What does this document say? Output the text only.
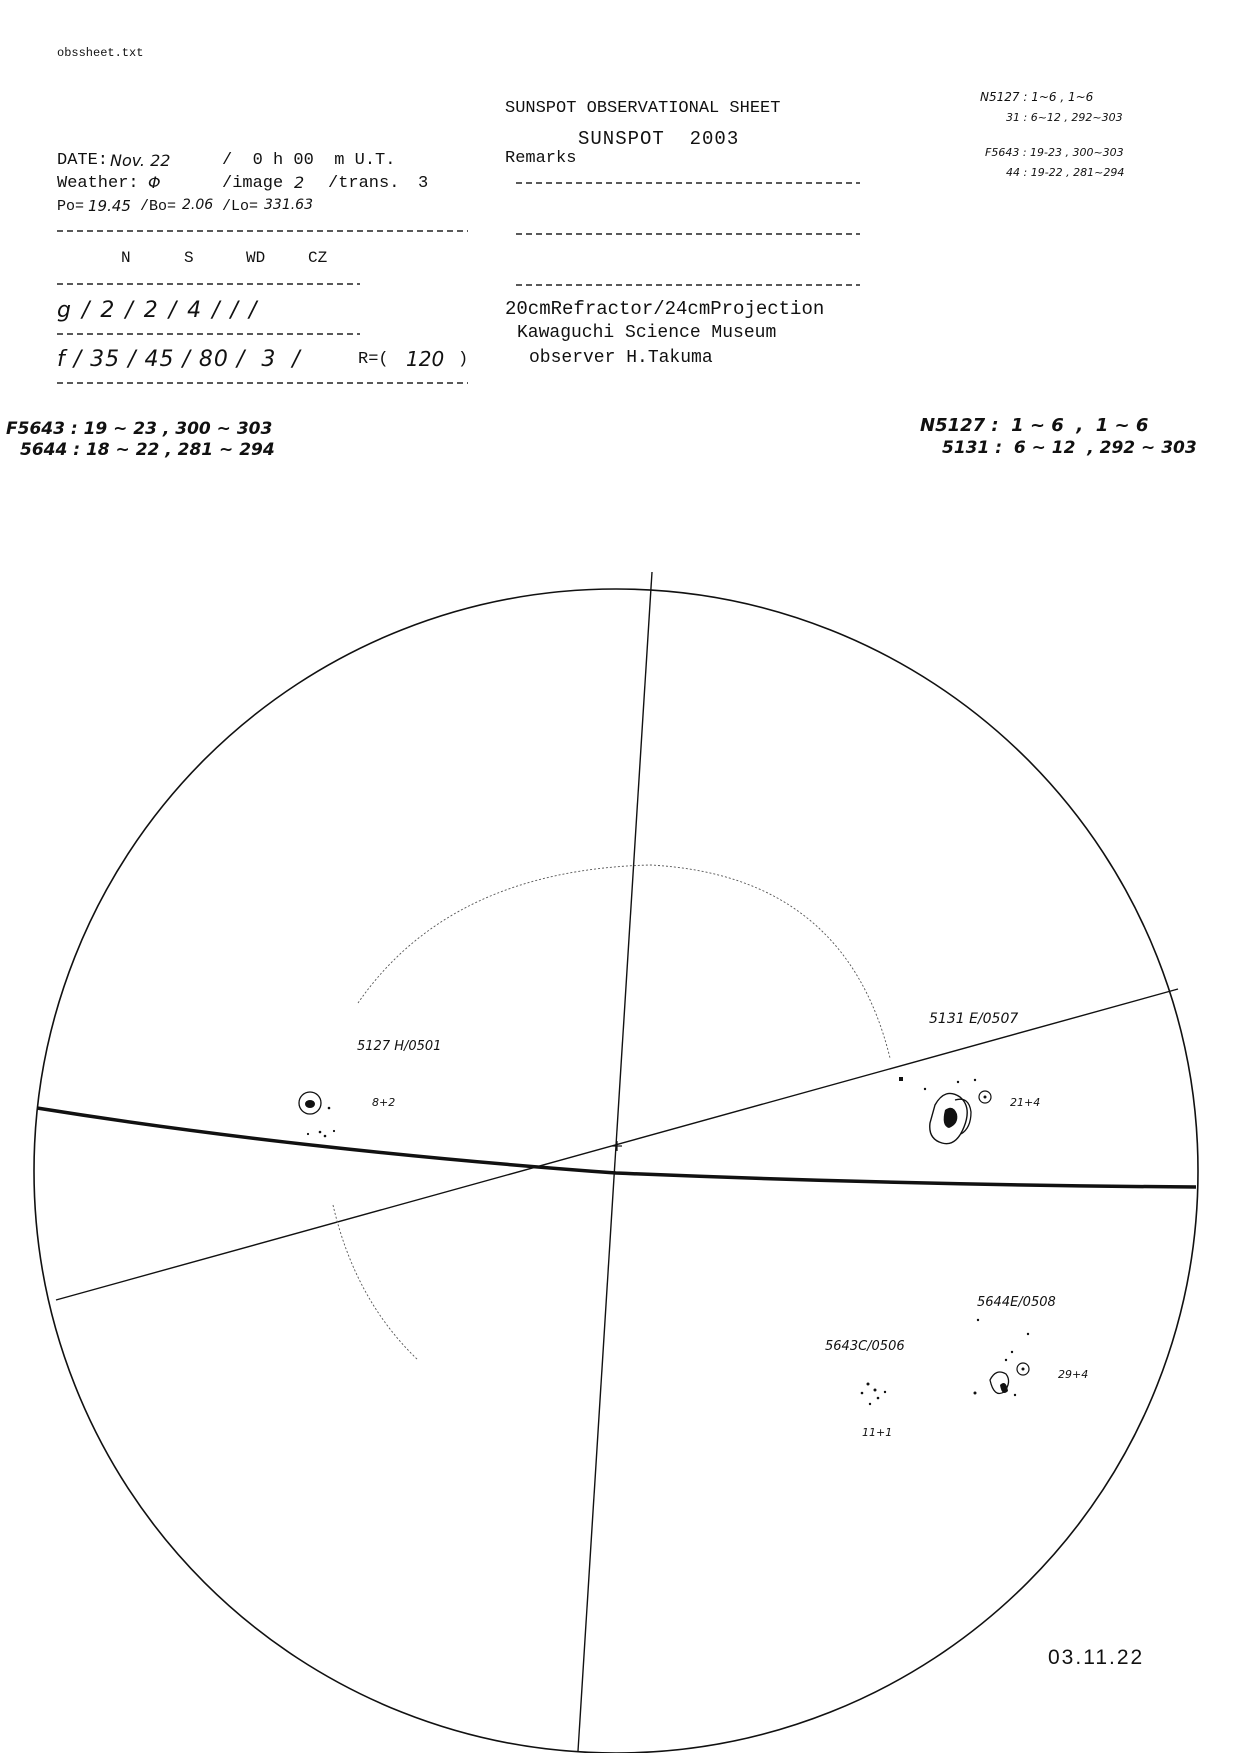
obssheet.txt
SUNSPOT OBSERVATIONAL SHEET
SUNSPOT  2003
Remarks
DATE: Nov. 22	/  0 h 00  m U.T.
Weather: Φ	/image 2 /trans. 3
Po= 19.45 /Bo= 2.06 /Lo= 331.63
N	S	WD	CZ
g / 2 / 2 / 4 / / /
f / 35 / 45 / 80 /  3  /	R=( 120 )
20cmRefractor/24cmProjection
Kawaguchi Science Museum
observer H.Takuma
N5127 : 1~6 , 1~6
31 : 6~12 , 292~303
F5643 : 19-23 , 300~303
44 : 19-22 , 281~294
F5643 : 19 ~ 23 , 300 ~ 303
5644 : 18 ~ 22 , 281 ~ 294
N5127 :  1 ~ 6  ,  1 ~ 6
5131 :  6 ~ 12  , 292 ~ 303
5127 H/0501
8+2
5131 E/0507
21+4
5644E/0508
29+4
5643C/0506
11+1
03.11.22
